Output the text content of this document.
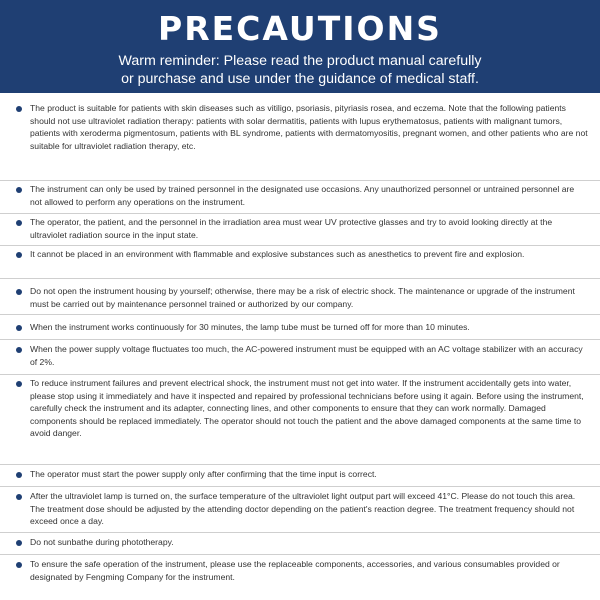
PRECAUTIONS
Warm reminder: Please read the product manual carefully
or purchase and use under the guidance of medical staff.
The product is suitable for patients with skin diseases such as vitiligo, psoriasis, pityriasis rosea, and eczema. Note that the following patients should not use ultraviolet radiation therapy: patients with solar dermatitis, patients with lupus erythematosus, patients with malignant tumors, patients with xeroderma pigmentosum, patients with BL syndrome, patients with dermatomyositis, pregnant women, and other patients who are not suitable for ultraviolet radiation therapy, etc.
The instrument can only be used by trained personnel in the designated use occasions. Any unauthorized personnel or untrained personnel are not allowed to perform any operations on the instrument.
The operator, the patient, and the personnel in the irradiation area must wear UV protective glasses and try to avoid looking directly at the ultraviolet radiation source in the input state.
It cannot be placed in an environment with flammable and explosive substances such as anesthetics to prevent fire and explosion.
Do not open the instrument housing by yourself; otherwise, there may be a risk of electric shock. The maintenance or upgrade of the instrument must be carried out by maintenance personnel trained or authorized by our company.
When the instrument works continuously for 30 minutes, the lamp tube must be turned off for more than 10 minutes.
When the power supply voltage fluctuates too much, the AC-powered instrument must be equipped with an AC voltage stabilizer with an accuracy of 2%.
To reduce instrument failures and prevent electrical shock, the instrument must not get into water. If the instrument accidentally gets into water, please stop using it immediately and have it inspected and repaired by professional technicians before using it again. Before using the instrument, carefully check the instrument and its adapter, connecting lines, and other components to ensure that they can work normally. Damaged components should be replaced immediately. The operator should not touch the patient and the above damaged components at the same time to avoid danger.
The operator must start the power supply only after confirming that the time input is correct.
After the ultraviolet lamp is turned on, the surface temperature of the ultraviolet light output part will exceed 41°C. Please do not touch this area. The treatment dose should be adjusted by the attending doctor depending on the patient's reaction degree. The treatment frequency should not exceed once a day.
Do not sunbathe during phototherapy.
To ensure the safe operation of the instrument, please use the replaceable components, accessories, and various consumables provided or designated by Fengming Company for the instrument.
